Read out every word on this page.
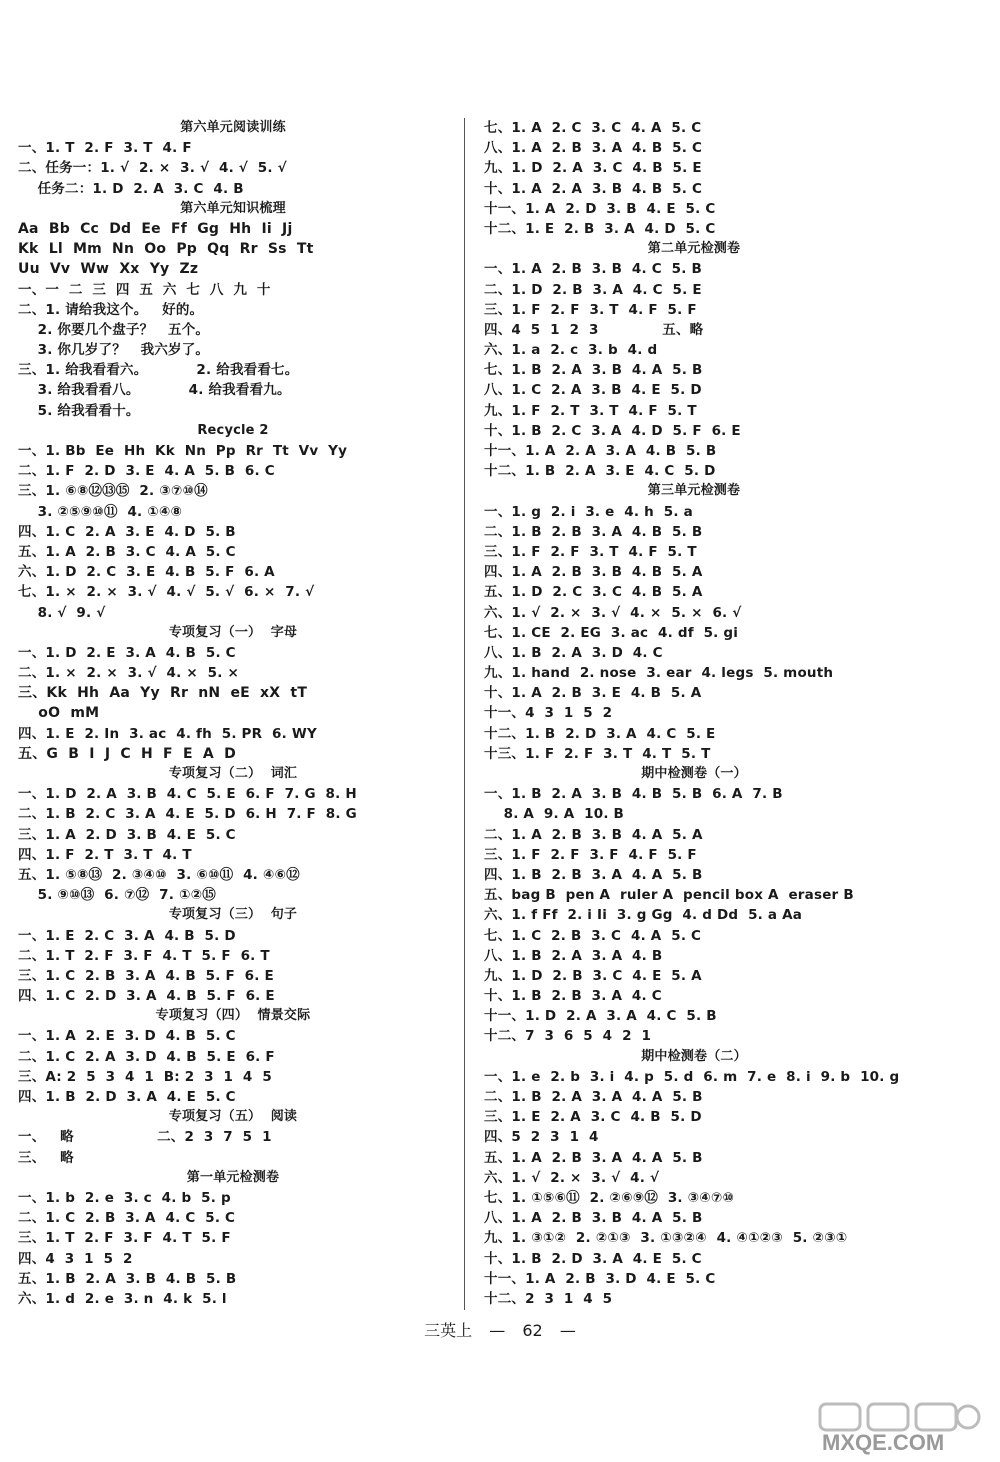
第六单元阅读训练
一、1. T  2. F  3. T  4. F
二、任务一：1. √  2. ×  3. √  4. √  5. √
任务二：1. D  2. A  3. C  4. B
第六单元知识梳理
Aa  Bb  Cc  Dd  Ee  Ff  Gg  Hh  Ii  Jj
Kk  Ll  Mm  Nn  Oo  Pp  Qq  Rr  Ss  Tt
Uu  Vv  Ww  Xx  Yy  Zz
一、一  二  三  四  五  六  七  八  九  十
二、1. 请给我这个。   好的。
2. 你要几个盘子？   五个。
3. 你几岁了？   我六岁了。
三、1. 给我看看六。          2. 给我看看七。
3. 给我看看八。          4. 给我看看九。
5. 给我看看十。
Recycle 2
一、1. Bb  Ee  Hh  Kk  Nn  Pp  Rr  Tt  Vv  Yy
二、1. F  2. D  3. E  4. A  5. B  6. C
三、1. ⑥⑧⑫⑬⑮  2. ③⑦⑩⑭
3. ②⑤⑨⑩⑪  4. ①④⑧
四、1. C  2. A  3. E  4. D  5. B
五、1. A  2. B  3. C  4. A  5. C
六、1. D  2. C  3. E  4. B  5. F  6. A
七、1. ×  2. ×  3. √  4. √  5. √  6. ×  7. √
8. √  9. √
专项复习（一）  字母
一、1. D  2. E  3. A  4. B  5. C
二、1. ×  2. ×  3. √  4. ×  5. ×
三、Kk  Hh  Aa  Yy  Rr  nN  eE  xX  tT
oO  mM
四、1. E  2. In  3. ac  4. fh  5. PR  6. WY
五、G  B  I  J  C  H  F  E  A  D
专项复习（二）  词汇
一、1. D  2. A  3. B  4. C  5. E  6. F  7. G  8. H
二、1. B  2. C  3. A  4. E  5. D  6. H  7. F  8. G
三、1. A  2. D  3. B  4. E  5. C
四、1. F  2. T  3. T  4. T
五、1. ⑤⑧⑬  2. ③④⑩  3. ⑥⑩⑪  4. ④⑥⑫
5. ⑨⑩⑬  6. ⑦⑫  7. ①②⑮
专项复习（三）  句子
一、1. E  2. C  3. A  4. B  5. D
二、1. T  2. F  3. F  4. T  5. F  6. T
三、1. C  2. B  3. A  4. B  5. F  6. E
四、1. C  2. D  3. A  4. B  5. F  6. E
专项复习（四）  情景交际
一、1. A  2. E  3. D  4. B  5. C
二、1. C  2. A  3. D  4. B  5. E  6. F
三、A: 2  5  3  4  1  B: 2  3  1  4  5
四、1. B  2. D  3. A  4. E  5. C
专项复习（五）  阅读
一、   略                 二、2  3  7  5  1
三、   略
第一单元检测卷
一、1. b  2. e  3. c  4. b  5. p
二、1. C  2. B  3. A  4. C  5. C
三、1. T  2. F  3. F  4. T  5. F
四、4  3  1  5  2
五、1. B  2. A  3. B  4. B  5. B
六、1. d  2. e  3. n  4. k  5. l
七、1. A  2. C  3. C  4. A  5. C
八、1. A  2. B  3. A  4. B  5. C
九、1. D  2. A  3. C  4. B  5. E
十、1. A  2. A  3. B  4. B  5. C
十一、1. A  2. D  3. B  4. E  5. C
十二、1. E  2. B  3. A  4. D  5. C
第二单元检测卷
一、1. A  2. B  3. B  4. C  5. B
二、1. D  2. B  3. A  4. C  5. E
三、1. F  2. F  3. T  4. F  5. F
四、4  5  1  2  3             五、略
六、1. a  2. c  3. b  4. d
七、1. B  2. A  3. B  4. A  5. B
八、1. C  2. A  3. B  4. E  5. D
九、1. F  2. T  3. T  4. F  5. T
十、1. B  2. C  3. A  4. D  5. F  6. E
十一、1. A  2. A  3. A  4. B  5. B
十二、1. B  2. A  3. E  4. C  5. D
第三单元检测卷
一、1. g  2. i  3. e  4. h  5. a
二、1. B  2. B  3. A  4. B  5. B
三、1. F  2. F  3. T  4. F  5. T
四、1. A  2. B  3. B  4. B  5. A
五、1. D  2. C  3. C  4. B  5. A
六、1. √  2. ×  3. √  4. ×  5. ×  6. √
七、1. CE  2. EG  3. ac  4. df  5. gi
八、1. B  2. A  3. D  4. C
九、1. hand  2. nose  3. ear  4. legs  5. mouth
十、1. A  2. B  3. E  4. B  5. A
十一、4  3  1  5  2
十二、1. B  2. D  3. A  4. C  5. E
十三、1. F  2. F  3. T  4. T  5. T
期中检测卷（一）
一、1. B  2. A  3. B  4. B  5. B  6. A  7. B
8. A  9. A  10. B
二、1. A  2. B  3. B  4. A  5. A
三、1. F  2. F  3. F  4. F  5. F
四、1. B  2. B  3. A  4. A  5. B
五、bag B  pen A  ruler A  pencil box A  eraser B
六、1. f Ff  2. i Ii  3. g Gg  4. d Dd  5. a Aa
七、1. C  2. B  3. C  4. A  5. C
八、1. B  2. A  3. A  4. B
九、1. D  2. B  3. C  4. E  5. A
十、1. B  2. B  3. A  4. C
十一、1. D  2. A  3. A  4. C  5. B
十二、7  3  6  5  4  2  1
期中检测卷（二）
一、1. e  2. b  3. i  4. p  5. d  6. m  7. e  8. i  9. b  10. g
二、1. B  2. A  3. A  4. A  5. B
三、1. E  2. A  3. C  4. B  5. D
四、5  2  3  1  4
五、1. A  2. B  3. A  4. A  5. B
六、1. √  2. ×  3. √  4. √
七、1. ①⑤⑥⑪  2. ②⑥⑨⑫  3. ③④⑦⑩
八、1. A  2. B  3. B  4. A  5. B
九、1. ③①②  2. ②①③  3. ①③②④  4. ④①②③  5. ②③①
十、1. B  2. D  3. A  4. E  5. C
十一、1. A  2. B  3. D  4. E  5. C
十二、2  3  1  4  5
三英上 — 62 —
MXQE.COM
